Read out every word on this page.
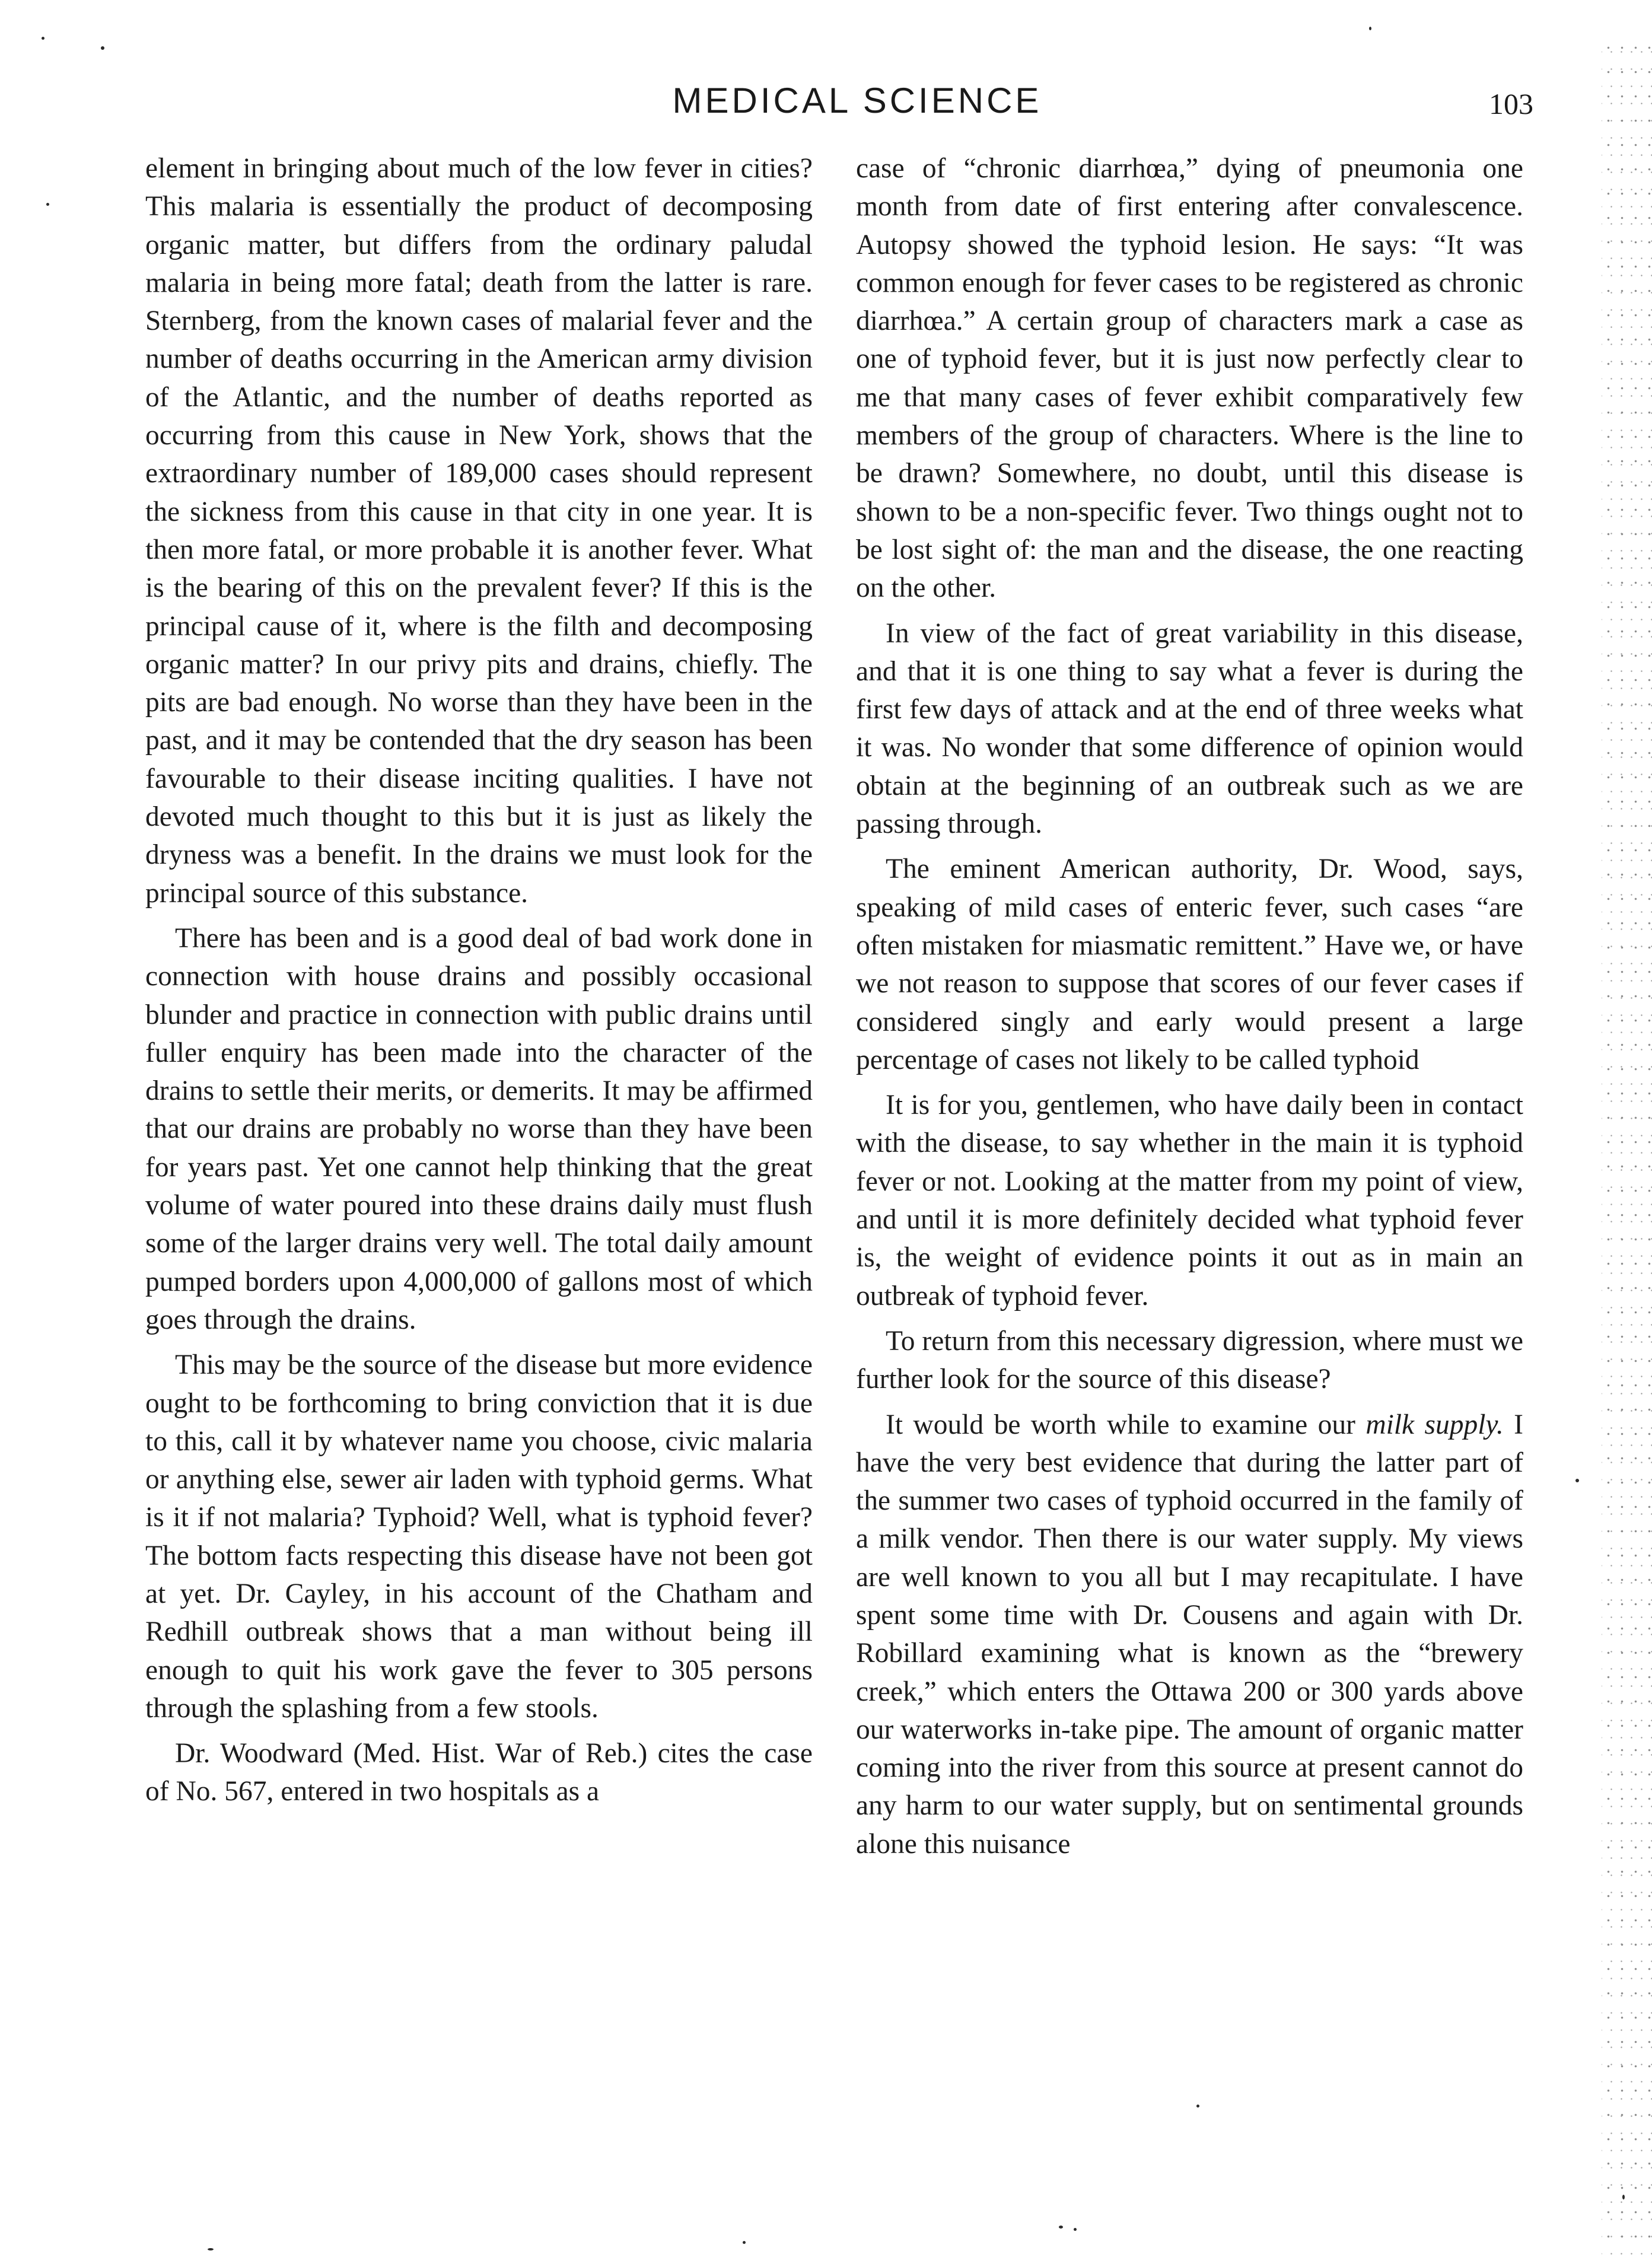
MEDICAL SCIENCE	103

element in bringing about much of the low fever in cities? This malaria is essentially the product of decomposing organic matter, but differs from the ordinary paludal malaria in being more fatal; death from the latter is rare. Sternberg, from the known cases of malarial fever and the number of deaths occurring in the American army division of the Atlantic, and the number of deaths reported as occurring from this cause in New York, shows that the extraordinary number of 189,000 cases should represent the sickness from this cause in that city in one year. It is then more fatal, or more probable it is another fever. What is the bearing of this on the prevalent fever? If this is the principal cause of it, where is the filth and decomposing organic matter? In our privy pits and drains, chiefly. The pits are bad enough. No worse than they have been in the past, and it may be contended that the dry season has been favourable to their disease inciting qualities. I have not devoted much thought to this but it is just as likely the dryness was a benefit. In the drains we must look for the principal source of this substance.

There has been and is a good deal of bad work done in connection with house drains and possibly occasional blunder and practice in connection with public drains until fuller enquiry has been made into the character of the drains to settle their merits, or demerits. It may be affirmed that our drains are probably no worse than they have been for years past. Yet one cannot help thinking that the great volume of water poured into these drains daily must flush some of the larger drains very well. The total daily amount pumped borders upon 4,000,000 of gallons most of which goes through the drains.

This may be the source of the disease but more evidence ought to be forthcoming to bring conviction that it is due to this, call it by whatever name you choose, civic malaria or anything else, sewer air laden with typhoid germs. What is it if not malaria? Typhoid? Well, what is typhoid fever? The bottom facts respecting this disease have not been got at yet. Dr. Cayley, in his account of the Chatham and Redhill outbreak shows that a man without being ill enough to quit his work gave the fever to 305 persons through the splashing from a few stools.

Dr. Woodward (Med. Hist. War of Reb.) cites the case of No. 567, entered in two hospitals as a

case of “chronic diarrhœa,” dying of pneumonia one month from date of first entering after convalescence. Autopsy showed the typhoid lesion. He says: “It was common enough for fever cases to be registered as chronic diarrhœa.” A certain group of characters mark a case as one of typhoid fever, but it is just now perfectly clear to me that many cases of fever exhibit comparatively few members of the group of characters. Where is the line to be drawn? Somewhere, no doubt, until this disease is shown to be a non-specific fever. Two things ought not to be lost sight of: the man and the disease, the one reacting on the other.

In view of the fact of great variability in this disease, and that it is one thing to say what a fever is during the first few days of attack and at the end of three weeks what it was. No wonder that some difference of opinion would obtain at the beginning of an outbreak such as we are passing through.

The eminent American authority, Dr. Wood, says, speaking of mild cases of enteric fever, such cases “are often mistaken for miasmatic remittent.” Have we, or have we not reason to suppose that scores of our fever cases if considered singly and early would present a large percentage of cases not likely to be called typhoid

It is for you, gentlemen, who have daily been in contact with the disease, to say whether in the main it is typhoid fever or not. Looking at the matter from my point of view, and until it is more definitely decided what typhoid fever is, the weight of evidence points it out as in main an outbreak of typhoid fever.

To return from this necessary digression, where must we further look for the source of this disease?

It would be worth while to examine our milk supply. I have the very best evidence that during the latter part of the summer two cases of typhoid occurred in the family of a milk vendor. Then there is our water supply. My views are well known to you all but I may recapitulate. I have spent some time with Dr. Cousens and again with Dr. Robillard examining what is known as the “brewery creek,” which enters the Ottawa 200 or 300 yards above our waterworks in-take pipe. The amount of organic matter coming into the river from this source at present cannot do any harm to our water supply, but on sentimental grounds alone this nuisance
